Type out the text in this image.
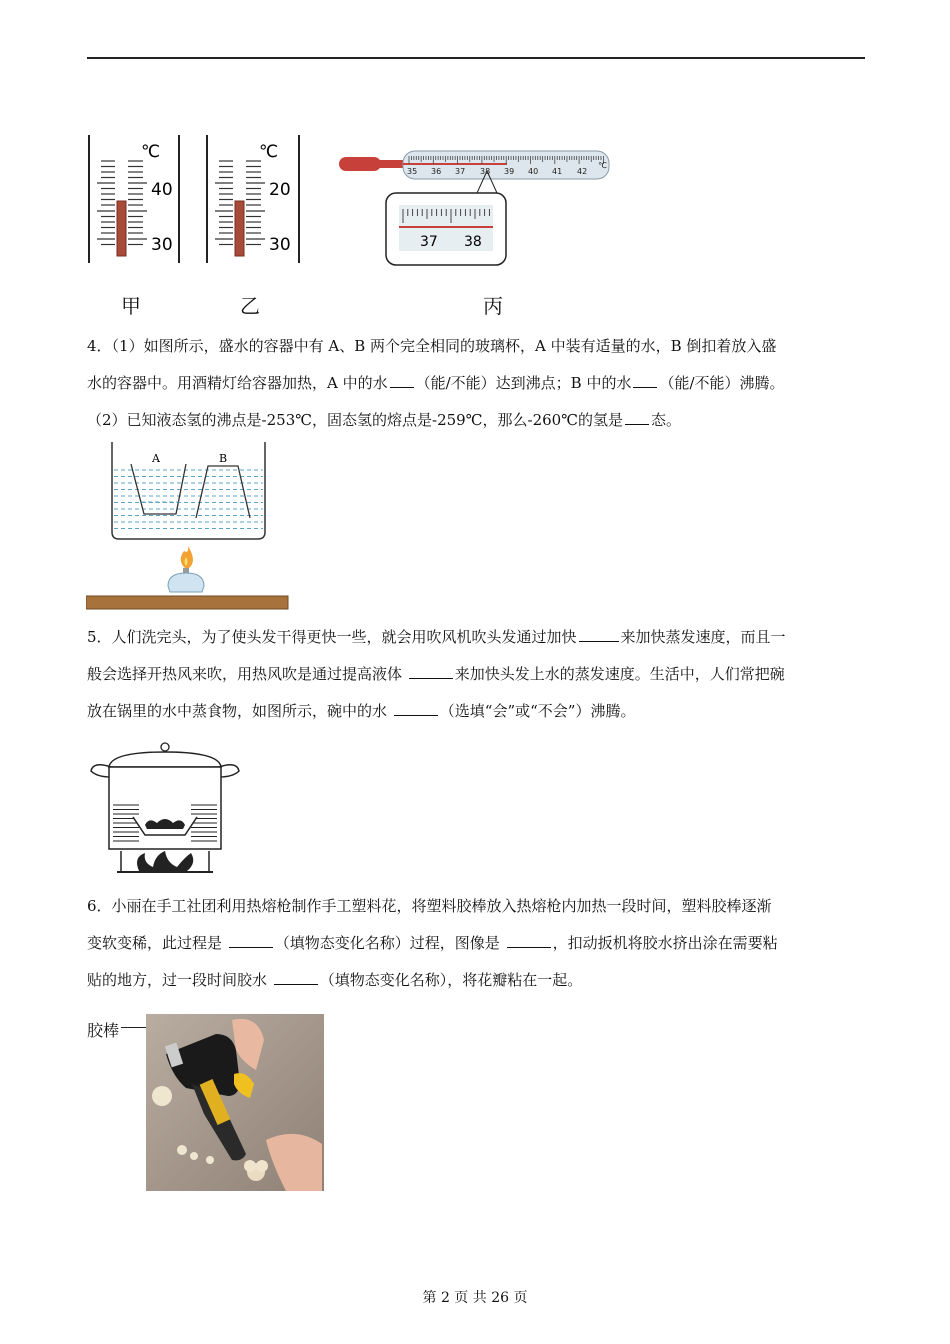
℃
40
30
℃
20
30
35 36 37 38 39 40 41 42
℃
37 38
甲	乙	丙

4．（1）如图所示，盛水的容器中有 A、B 两个完全相同的玻璃杯，A 中装有适量的水，B 倒扣着放入盛

水的容器中。用酒精灯给容器加热，A 中的水 （能/不能）达到沸点；B 中的水 （能/不能）沸腾。

（2）已知液态氢的沸点是-253℃，固态氢的熔点是-259℃，那么-260℃的氢是 态。

A	B

5．人们洗完头，为了使头发干得更快一些，就会用吹风机吹头发通过加快	来加快蒸发速度，而且一

般会选择开热风来吹，用热风吹是通过提高液体	来加快头发上水的蒸发速度。生活中，人们常把碗

放在锅里的水中蒸食物，如图所示，碗中的水	（选填“会”或“不会”）沸腾。

6．小丽在手工社团利用热熔枪制作手工塑料花，将塑料胶棒放入热熔枪内加热一段时间，塑料胶棒逐渐

变软变稀，此过程是	（填物态变化名称）过程，图像是	，扣动扳机将胶水挤出涂在需要粘

贴的地方，过一段时间胶水	（填物态变化名称），将花瓣粘在一起。

胶棒
第 2 页 共 26 页
